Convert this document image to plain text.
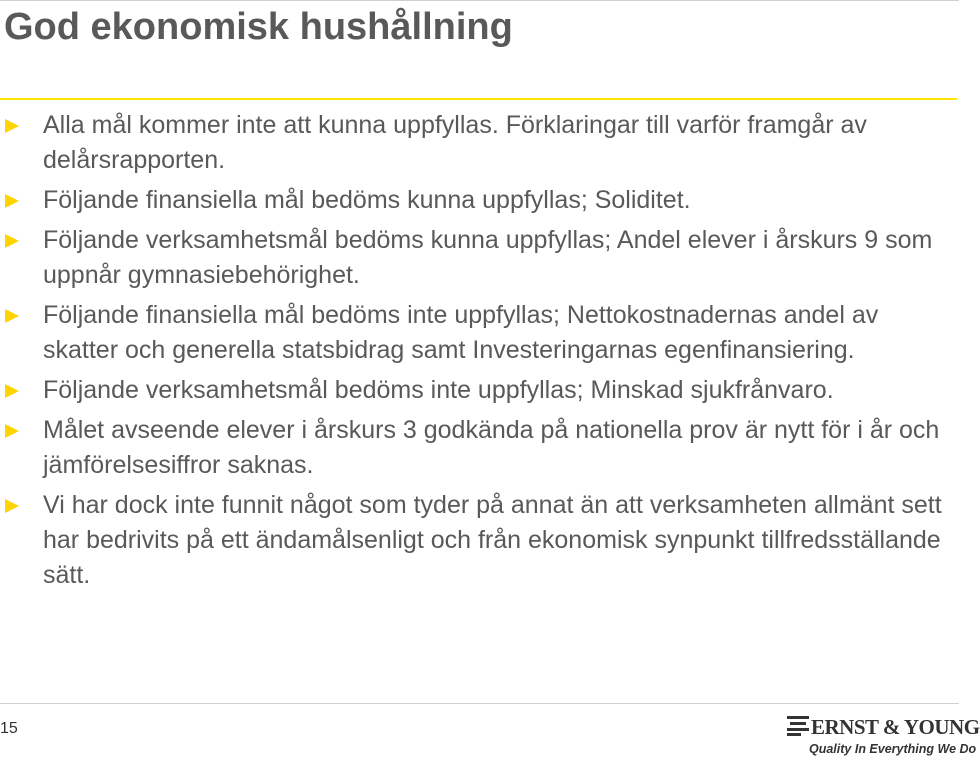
God ekonomisk hushållning
Alla mål kommer inte att kunna uppfyllas. Förklaringar till varför framgår av delårsrapporten.
Följande finansiella mål bedöms kunna uppfyllas; Soliditet.
Följande verksamhetsmål bedöms kunna uppfyllas; Andel elever i årskurs 9 som uppnår gymnasiebehörighet.
Följande finansiella mål bedöms inte uppfyllas; Nettokostnadernas andel av skatter och generella statsbidrag samt Investeringarnas egenfinansiering.
Följande verksamhetsmål bedöms inte uppfyllas; Minskad sjukfrånvaro.
Målet avseende elever i årskurs 3 godkända på nationella prov är nytt för i år och jämförelsesiffror saknas.
Vi har dock inte funnit något som tyder på annat än att verksamheten allmänt sett har bedrivits på ett ändamålsenligt och från ekonomisk synpunkt tillfredsställande sätt.
15	ERNST & YOUNG
Quality In Everything We Do
